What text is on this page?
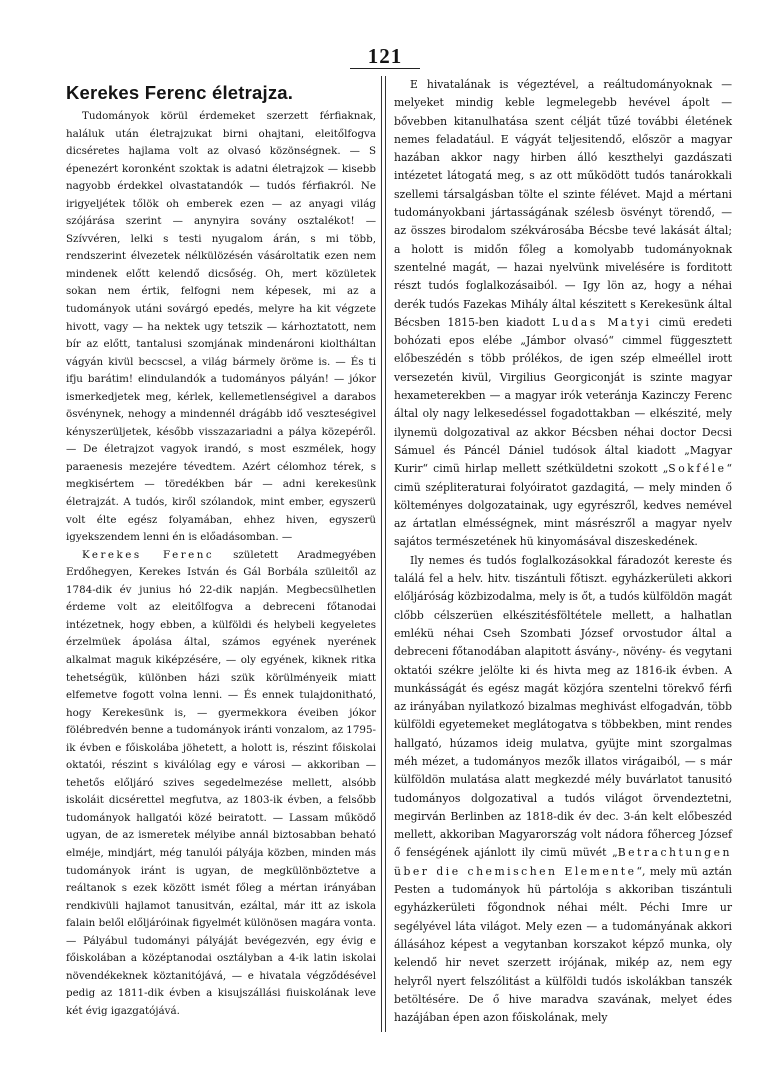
121
Kerekes Ferenc életrajza.

Tudományok körül érdemeket szerzett férfiaknak, haláluk után életrajzukat birni ohajtani, eleitőlfogva dicséretes hajlama volt az olvasó közönségnek. — S épenezért koronként szoktak is adatni életrajzok — kisebb nagyobb érdekkel olvastatandók — tudós férfiakról. Ne irigyeljétek tőlök oh emberek ezen — az anyagi világ szójárása szerint — anynyira sovány osztalékot! — Szívvéren, lelki s testi nyugalom árán, s mi több, rendszerint élvezetek nélkülözésén vásároltatik ezen nem mindenek előtt kelendő dicsőség. Oh, mert közületek sokan nem értik, felfogni nem képesek, mi az a tudományok utáni sovárgó epedés, melyre ha kit végzete hivott, vagy — ha nektek ugy tetszik — kárhoztatott, nem bír az előtt, tantalusi szomjának mindenároni kioltháltan vágyán kivül becscsel, a világ bármely öröme is. — És ti ifju barátim! elindulandók a tudományos pályán! — jókor ismerkedjetek meg, kérlek, kellemetlenségivel a darabos ösvénynek, nehogy a mindennél drágább idő veszteségivel kényszerüljetek, később visszazariadni a pálya közepéről. — De életrajzot vagyok irandó, s most eszmélek, hogy paraenesis mezejére tévedtem. Azért célomhoz térek, s megkisértem — töredékben bár — adni kerekesünk életrajzát. A tudós, kiről szólandok, mint ember, egyszerü volt élte egész folyamában, ehhez hiven, egyszerü igyekszendem lenni én is előadásomban. —

Kerekes Ferenc született Aradmegyében Erdőhegyen, Kerekes István és Gál Borbála szüleitől az 1784-dik év junius hó 22-dik napján. Megbecsülhetlen érdeme volt az eleitőlfogva a debreceni főtanodai intézetnek, hogy ebben, a külföldi és helybeli kegyeletes érzelmüek ápolása által, számos egyének nyerének alkalmat maguk kiképzésére, — oly egyének, kiknek ritka tehetségük, különben házi szük körülményeik miatt elfemetve fogott volna lenni. — És ennek tulajdonitható, hogy Kerekesünk is, — gyermekkora éveiben jókor fölébredvén benne a tudományok iránti vonzalom, az 1795-ik évben e főiskolába jöhetett, a holott is, részint főiskolai oktatói, részint s kiválólag egy e városi — akkoriban — tehetős előljáró szives segedelmezése mellett, alsóbb iskoláit dicsérettel megfutva, az 1803-ik évben, a felsőbb tudományok hallgatói közé beiratott. — Lassam működő ugyan, de az ismeretek mélyibe annál biztosabban beható elméje, mindjárt, még tanulói pályája közben, minden más tudományok iránt is ugyan, de megkülönböztetve a reáltanok s ezek között ismét főleg a mértan irányában rendkivüli hajlamot tanusitván, ezáltal, már itt az iskola falain belől előljáróinak figyelmét különösen magára vonta. — Pályábul tudományi pályáját bevégezvén, egy évig e főiskolában a középtanodai osztályban a 4-ik latin iskolai növendékeknek köztanitójává, — e hivatala végződésével pedig az 1811-dik évben a kisujszállási fiuiskolának leve két évig igazgatójává.

E hivatalának is végeztével, a reáltudományoknak — melyeket mindig keble legmelegebb hevével ápolt — bővebben kitanulhatása szent célját tűzé további életének nemes feladatául. E vágyát teljesitendő, először a magyar hazában akkor nagy hirben álló keszthelyi gazdászati intézetet látogatá meg, s az ott működött tudós tanárokkali szellemi társalgásban tölte el szinte félévet. Majd a mértani tudományokbani jártasságának szélesb ösvényt törendő, — az összes birodalom székvárosába Bécsbe tevé lakását által; a holott is midőn főleg a komolyabb tudományoknak szentelné magát, — hazai nyelvünk mivelésére is forditott részt tudós foglalkozásaiból. — Igy lön az, hogy a néhai derék tudós Fazekas Mihály által készitett s Kerekesünk által Bécsben 1815-ben kiadott Ludas Matyi cimü eredeti bohózati epos elébe „Jámbor olvasó“ cimmel függesztett előbeszédén s több prólékos, de igen szép elmeéllel irott versezetén kivül, Virgilius Georgiconját is szinte magyar hexameterekben — a magyar irók veteránja Kazinczy Ferenc által oly nagy lelkesedéssel fogadottakban — elkészité, mely ilynemü dolgozatival az akkor Bécsben néhai doctor Decsi Sámuel és Páncél Dániel tudósok által kiadott „Magyar Kurir“ cimü hirlap mellett szétküldetni szokott „Sokféle“ cimü szépliteraturai folyóiratot gazdagitá, — mely minden ő költeményes dolgozatainak, ugy egyrészről, kedves nemével az ártatlan elmésségnek, mint másrészről a magyar nyelv sajátos természetének hü kinyomásával diszeskedének.

Ily nemes és tudós foglalkozásokkal fáradozót kereste és találá fel a helv. hitv. tiszántuli főtiszt. egyházkerületi akkori előljáróság közbizodalma, mely is őt, a tudós külföldön magát clőbb célszerüen elkészitésföltétele mellett, a halhatlan emlékü néhai Cseh Szombati József orvostudor által a debreceni főtanodában alapitott ásvány-, növény- és vegytani oktatói székre jelölte ki és hivta meg az 1816-ik évben. A munkásságát és egész magát közjóra szentelni törekvő férfi az irányában nyilatkozó bizalmas meghivást elfogadván, több külföldi egyetemeket meglátogatva s többekben, mint rendes hallgató, húzamos ideig mulatva, gyüjte mint szorgalmas méh mézet, a tudományos mezők illatos virágaiból, — s már külföldön mulatása alatt megkezdé mély buvárlatot tanusitó tudományos dolgozatival a tudós világot örvendeztetni, megirván Berlinben az 1818-dik év dec. 3-án kelt előbeszéd mellett, akkoriban Magyarország volt nádora főherceg József ő fenségének ajánlott ily cimü müvét „Betrachtungen über die chemischen Elemente“, mely mü aztán Pesten a tudományok hü pártolója s akkoriban tiszántuli egyházkerületi főgondnok néhai mélt. Péchi Imre ur segélyével láta világot. Mely ezen — a tudományának akkori állásához képest a vegytanban korszakot képző munka, oly kelendő hir nevet szerzett irójának, mikép az, nem egy helyről nyert felszólitást a külföldi tudós iskolákban tanszék betöltésére. De ő hive maradva szavának, melyet édes hazájában épen azon főiskolának, mely
